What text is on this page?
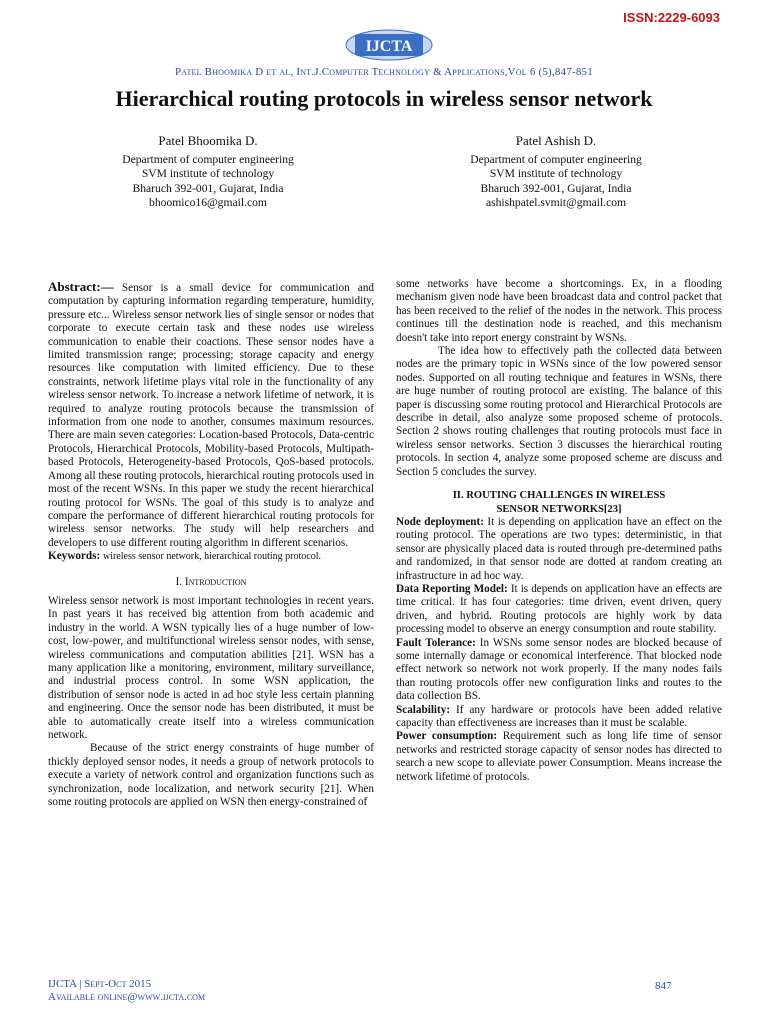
ISSN:2229-6093
IJCTA
Patel Bhoomika D et al, Int.J.Computer Technology & Applications,Vol 6 (5),847-851
Hierarchical routing protocols in wireless sensor network
Patel Bhoomika D.
Department of computer engineering
SVM institute of technology
Bharuch 392-001, Gujarat, India
bhoomico16@gmail.com
Patel Ashish D.
Department of computer engineering
SVM institute of technology
Bharuch 392-001, Gujarat, India
ashishpatel.svmit@gmail.com

Abstract:— Sensor is a small device for communication and computation by capturing information regarding temperature, humidity, pressure etc... Wireless sensor network lies of single sensor or nodes that corporate to execute certain task and these nodes use wireless communication to enable their coactions. These sensor nodes have a limited transmission range; processing; storage capacity and energy resources like computation with limited efficiency. Due to these constraints, network lifetime plays vital role in the functionality of any wireless sensor network. To increase a network lifetime of network, it is required to analyze routing protocols because the transmission of information from one node to another, consumes maximum resources. There are main seven categories: Location-based Protocols, Data-centric Protocols, Hierarchical Protocols, Mobility-based Protocols, Multipath-based Protocols, Heterogeneity-based Protocols, QoS-based protocols. Among all these routing protocols, hierarchical routing protocols used in most of the recent WSNs. In this paper we study the recent hierarchical routing protocol for WSNs. The goal of this study is to analyze and compare the performance of different hierarchical routing protocols for wireless sensor networks. The study will help researchers and developers to use different routing algorithm in different scenarios.

Keywords: wireless sensor network, hierarchical routing protocol.

I. Introduction

Wireless sensor network is most important technologies in recent years. In past years it has received big attention from both academic and industry in the world. A WSN typically lies of a huge number of low-cost, low-power, and multifunctional wireless sensor nodes, with sense, wireless communications and computation abilities [21]. WSN has a many application like a monitoring, environment, military surveillance, and industrial process control. In some WSN application, the distribution of sensor node is acted in ad hoc style less certain planning and engineering. Once the sensor node has been distributed, it must be able to automatically create itself into a wireless communication network.

Because of the strict energy constraints of huge number of thickly deployed sensor nodes, it needs a group of network protocols to execute a variety of network control and organization functions such as synchronization, node localization, and network security [21]. When some routing protocols are applied on WSN then energy-constrained of

some networks have become a shortcomings. Ex, in a flooding mechanism given node have been broadcast data and control packet that has been received to the relief of the nodes in the network. This process continues till the destination node is reached, and this mechanism doesn't take into report energy constraint by WSNs.

The idea how to effectively path the collected data between nodes are the primary topic in WSNs since of the low powered sensor nodes. Supported on all routing technique and features in WSNs, there are huge number of routing protocol are existing. The balance of this paper is discussing some routing protocol and Hierarchical Protocols are describe in detail, also analyze some proposed scheme of protocols. Section 2 shows routing challenges that routing protocols must face in wireless sensor networks. Section 3 discusses the hierarchical routing protocols. In section 4, analyze some proposed scheme are discuss and Section 5 concludes the survey.

II. ROUTING CHALLENGES IN WIRELESS
SENSOR NETWORKS[23]

Node deployment: It is depending on application have an effect on the routing protocol. The operations are two types: deterministic, in that sensor are physically placed data is routed through pre-determined paths and randomized, in that sensor node are dotted at random creating an infrastructure in ad hoc way.

Data Reporting Model: It is depends on application have an effects are time critical. It has four categories: time driven, event driven, query driven, and hybrid. Routing protocols are highly work by data processing model to observe an energy consumption and route stability.

Fault Tolerance: In WSNs some sensor nodes are blocked because of some internally damage or economical interference. That blocked node effect network so network not work properly. If the many nodes fails than routing protocols offer new configuration links and routes to the data collection BS.

Scalability: If any hardware or protocols have been added relative capacity than effectiveness are increases than it must be scalable.

Power consumption: Requirement such as long life time of sensor networks and restricted storage capacity of sensor nodes has directed to search a new scope to alleviate power Consumption. Means increase the network lifetime of protocols.

IJCTA | Sept-Oct 2015
Available online@www.ijcta.com
847
